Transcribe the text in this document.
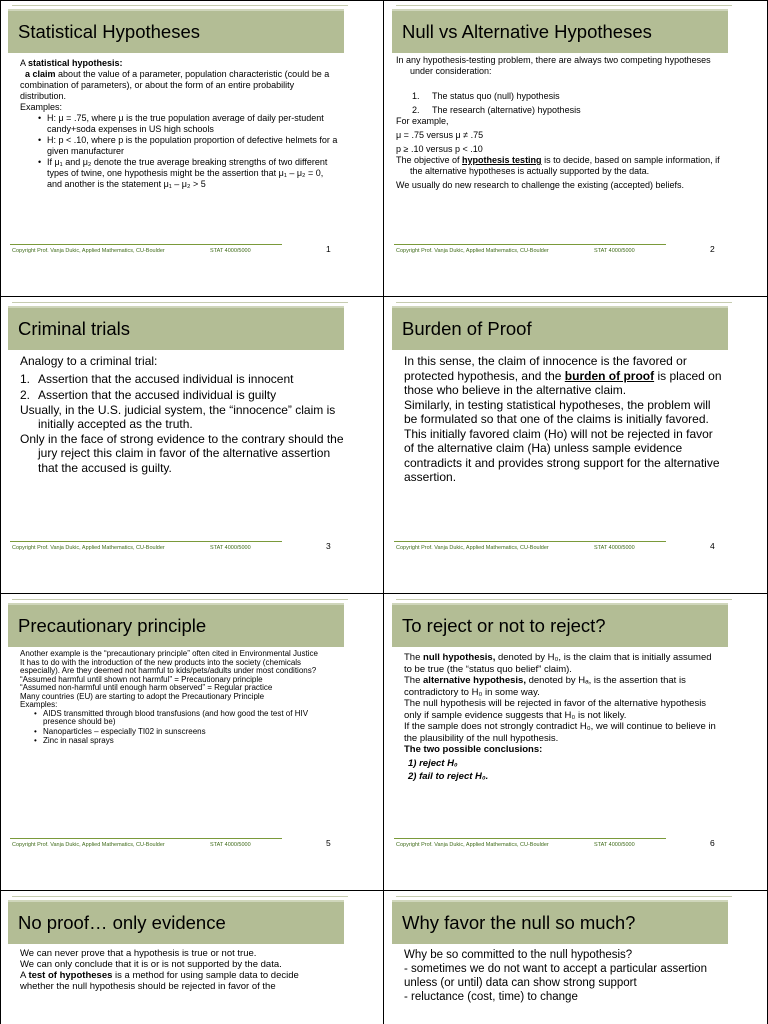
Statistical Hypotheses

A statistical hypothesis:

a claim about the value of a parameter, population characteristic (could be a combination of parameters), or about the form of an entire probability distribution.

Examples:

• H: μ = .75, where μ is the true population average of daily per-student candy+soda expenses in US high schools
• H: p < .10, where p is the population proportion of defective helmets for a given manufacturer
• If μ₁ and μ₂ denote the true average breaking strengths of two different types of twine, one hypothesis might be the assertion that μ₁ – μ₂ = 0, and another is the statement μ₁ – μ₂ > 5
Copyright Prof. Vanja Dukic, Applied Mathematics, CU-Boulder	STAT 4000/5000	1
Null vs Alternative Hypotheses

In any hypothesis-testing problem, there are always two competing hypotheses under consideration:

1. The status quo (null) hypothesis
2. The research (alternative) hypothesis

For example,

μ = .75 versus μ ≠ .75

p ≥ .10 versus p < .10

The objective of hypothesis testing is to decide, based on sample information, if the alternative hypotheses is actually supported by the data.

We usually do new research to challenge the existing (accepted) beliefs.

Copyright Prof. Vanja Dukic, Applied Mathematics, CU-Boulder	STAT 4000/5000	2
Criminal trials

Analogy to a criminal trial:

1. Assertion that the accused individual is innocent
2. Assertion that the accused individual is guilty

Usually, in the U.S. judicial system, the “innocence” claim is initially accepted as the truth.

Only in the face of strong evidence to the contrary should the jury reject this claim in favor of the alternative assertion that the accused is guilty.

Copyright Prof. Vanja Dukic, Applied Mathematics, CU-Boulder	STAT 4000/5000	3
Burden of Proof

In this sense, the claim of innocence is the favored or protected hypothesis, and the burden of proof is placed on those who believe in the alternative claim.

Similarly, in testing statistical hypotheses, the problem will be formulated so that one of the claims is initially favored.

This initially favored claim (Ho) will not be rejected in favor of the alternative claim (Ha) unless sample evidence contradicts it and provides strong support for the alternative assertion.

Copyright Prof. Vanja Dukic, Applied Mathematics, CU-Boulder	STAT 4000/5000	4
Precautionary principle

Another example is the “precautionary principle” often cited in Environmental Justice

It has to do with the introduction of the new products into the society (chemicals especially). Are they deemed not harmful to kids/pets/adults under most conditions?

“Assumed harmful until shown not harmful” = Precautionary principle

“Assumed non-harmful until enough harm observed” = Regular practice

Many countries (EU) are starting to adopt the Precautionary Principle

Examples:

• AIDS transmitted through blood transfusions (and how good the test of HIV presence should be)
• Nanoparticles – especially TI02 in sunscreens
• Zinc in nasal sprays
Copyright Prof. Vanja Dukic, Applied Mathematics, CU-Boulder	STAT 4000/5000	5
To reject or not to reject?

The null hypothesis, denoted by H₀, is the claim that is initially assumed to be true (the “status quo belief” claim).

The alternative hypothesis, denoted by Hₐ, is the assertion that is contradictory to H₀ in some way.

The null hypothesis will be rejected in favor of the alternative hypothesis only if sample evidence suggests that H₀ is not likely.

If the sample does not strongly contradict H₀, we will continue to believe in the plausibility of the null hypothesis.

The two possible conclusions:

1) reject H₀

2) fail to reject H₀.

Copyright Prof. Vanja Dukic, Applied Mathematics, CU-Boulder	STAT 4000/5000	6
No proof… only evidence

We can never prove that a hypothesis is true or not true.

We can only conclude that it is or is not supported by the data.

A test of hypotheses is a method for using sample data to decide whether the null hypothesis should be rejected in favor of the

Why favor the null so much?

Why be so committed to the null hypothesis?

- sometimes we do not want to accept a particular assertion unless (or until) data can show strong support

- reluctance (cost, time) to change
